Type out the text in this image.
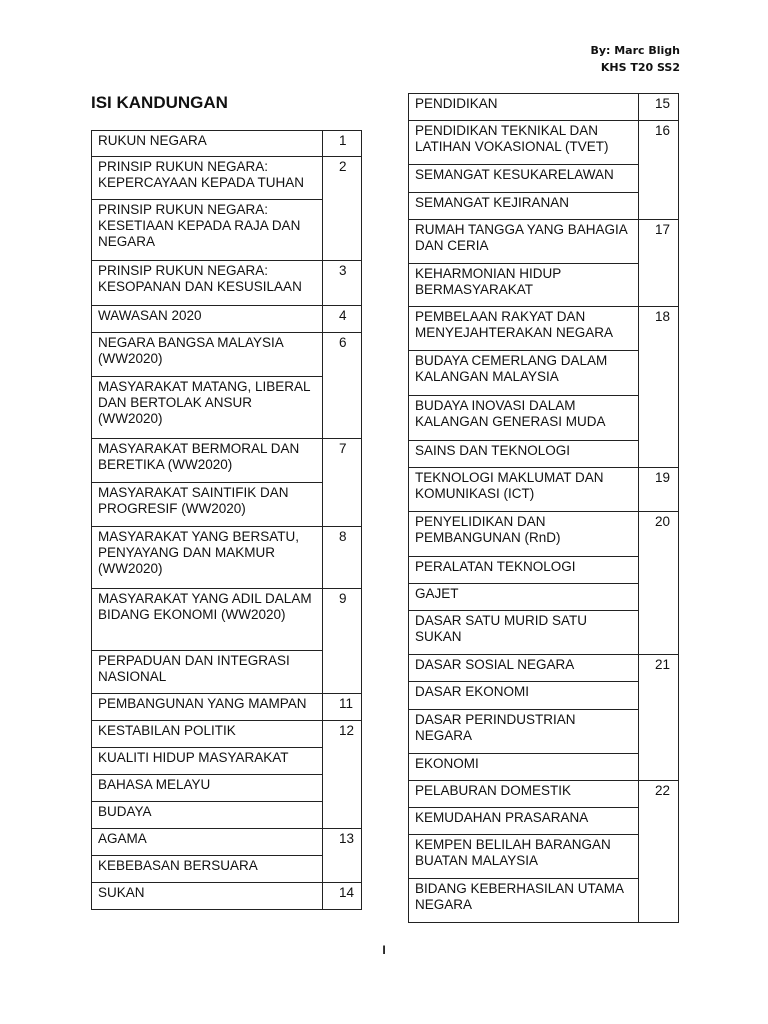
By: Marc Bligh
KHS T20 SS2
ISI KANDUNGAN
RUKUN NEGARA	1
PRINSIP RUKUN NEGARA: KEPERCAYAAN KEPADA TUHAN	2
PRINSIP RUKUN NEGARA: KESETIAAN KEPADA RAJA DAN NEGARA	
PRINSIP RUKUN NEGARA: KESOPANAN DAN KESUSILAAN	3
WAWASAN 2020	4
NEGARA BANGSA MALAYSIA (WW2020)	6
MASYARAKAT MATANG, LIBERAL DAN BERTOLAK ANSUR (WW2020)	
MASYARAKAT BERMORAL DAN BERETIKA (WW2020)	7
MASYARAKAT SAINTIFIK DAN PROGRESIF (WW2020)	
MASYARAKAT YANG BERSATU, PENYAYANG DAN MAKMUR (WW2020)	8
MASYARAKAT YANG ADIL DALAM BIDANG EKONOMI (WW2020)	9
PERPADUAN DAN INTEGRASI NASIONAL	
PEMBANGUNAN YANG MAMPAN	11
KESTABILAN POLITIK	12
KUALITI HIDUP MASYARAKAT	
BAHASA MELAYU	
BUDAYA	
AGAMA	13
KEBEBASAN BERSUARA	
SUKAN	14
PENDIDIKAN	15
PENDIDIKAN TEKNIKAL DAN LATIHAN VOKASIONAL (TVET)	16
SEMANGAT KESUKARELAWAN	
SEMANGAT KEJIRANAN	
RUMAH TANGGA YANG BAHAGIA DAN CERIA	17
KEHARMONIAN HIDUP BERMASYARAKAT	
PEMBELAAN RAKYAT DAN MENYEJAHTERAKAN NEGARA	18
BUDAYA CEMERLANG DALAM KALANGAN MALAYSIA	
BUDAYA INOVASI DALAM KALANGAN GENERASI MUDA	
SAINS DAN TEKNOLOGI	
TEKNOLOGI MAKLUMAT DAN KOMUNIKASI (ICT)	19
PENYELIDIKAN DAN PEMBANGUNAN (RnD)	20
PERALATAN TEKNOLOGI	
GAJET	
DASAR SATU MURID SATU SUKAN	
DASAR SOSIAL NEGARA	21
DASAR EKONOMI	
DASAR PERINDUSTRIAN NEGARA	
EKONOMI	
PELABURAN DOMESTIK	22
KEMUDAHAN PRASARANA	
KEMPEN BELILAH BARANGAN BUATAN MALAYSIA	
BIDANG KEBERHASILAN UTAMA NEGARA	
I
